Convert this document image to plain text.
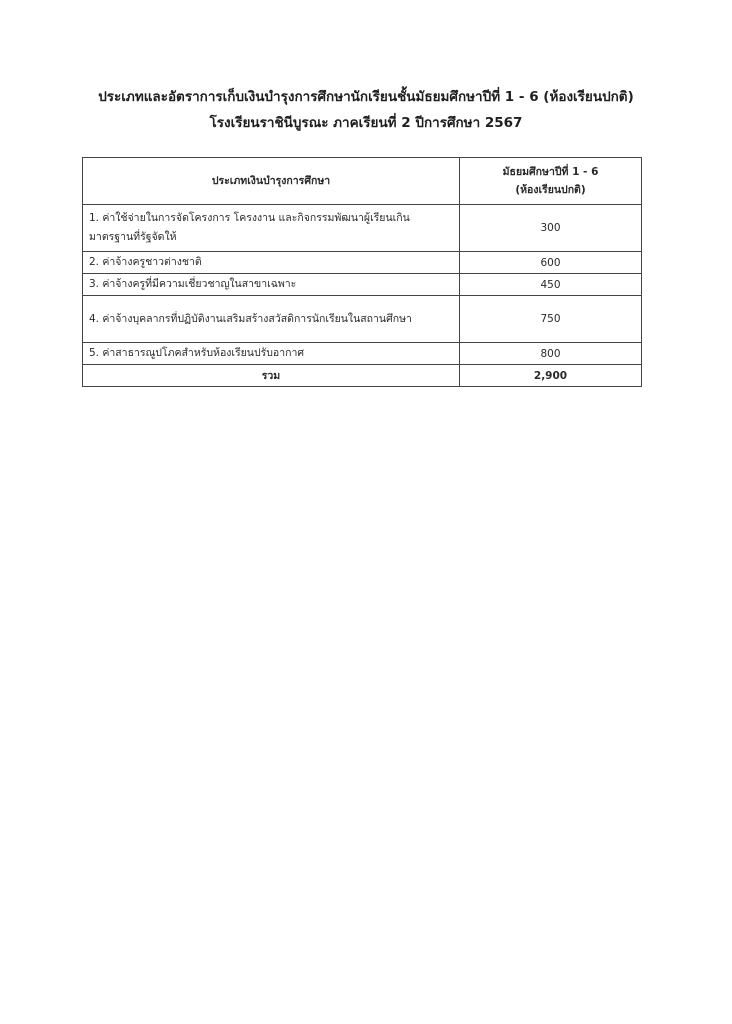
ประเภทและอัตราการเก็บเงินบำรุงการศึกษานักเรียนชั้นมัธยมศึกษาปีที่ 1 - 6 (ห้องเรียนปกติ)
โรงเรียนราชินีบูรณะ ภาคเรียนที่ 2 ปีการศึกษา 2567
ประเภทเงินบำรุงการศึกษา	มัธยมศึกษาปีที่ 1 - 6
(ห้องเรียนปกติ)

1. ค่าใช้จ่ายในการจัดโครงการ โครงงาน และกิจกรรมพัฒนาผู้เรียนเกินมาตรฐานที่รัฐจัดให้	300
2. ค่าจ้างครูชาวต่างชาติ	600
3. ค่าจ้างครูที่มีความเชี่ยวชาญในสาขาเฉพาะ	450
4. ค่าจ้างบุคลากรที่ปฏิบัติงานเสริมสร้างสวัสดิการนักเรียนในสถานศึกษา	750
5. ค่าสาธารณูปโภคสำหรับห้องเรียนปรับอากาศ	800
รวม	2,900
